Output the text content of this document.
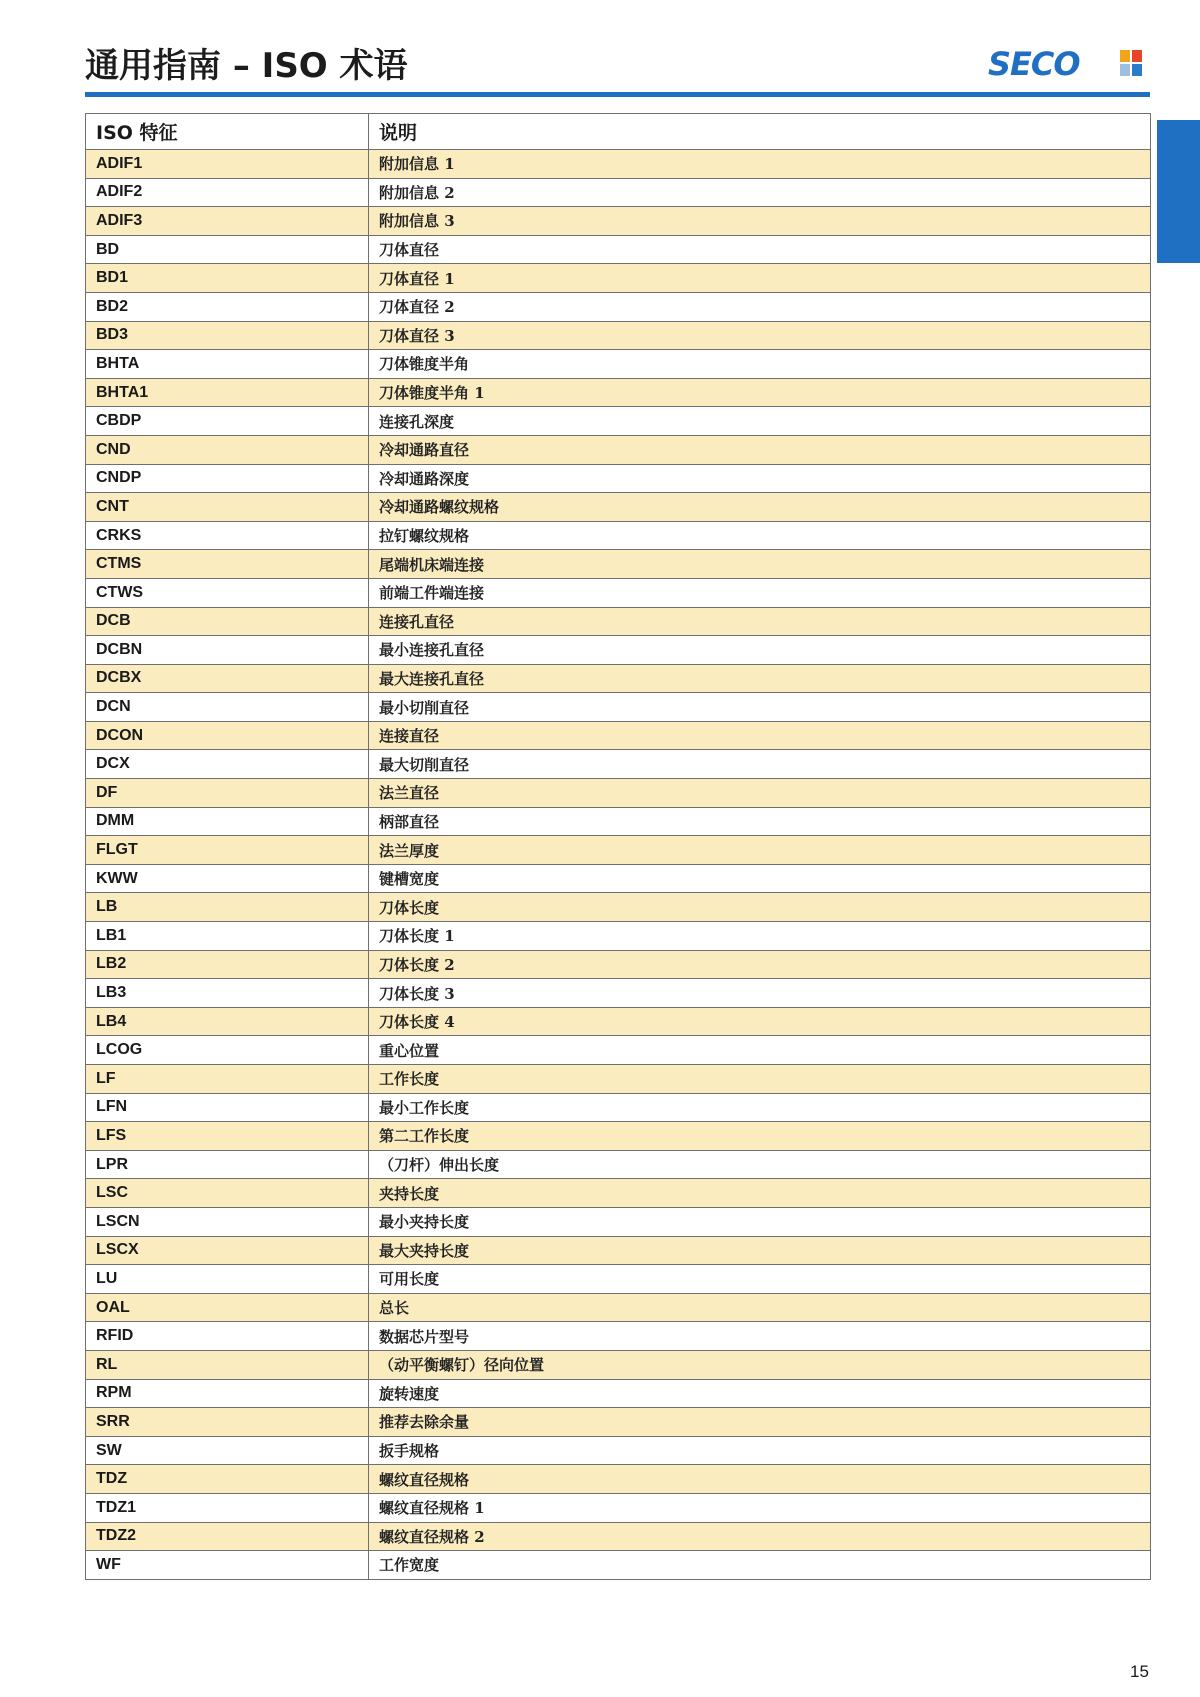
通用指南 – ISO 术语	SECO
ISO 特征	说明
ADIF1	附加信息 1
ADIF2	附加信息 2
ADIF3	附加信息 3
BD	刀体直径
BD1	刀体直径 1
BD2	刀体直径 2
BD3	刀体直径 3
BHTA	刀体锥度半角
BHTA1	刀体锥度半角 1
CBDP	连接孔深度
CND	冷却通路直径
CNDP	冷却通路深度
CNT	冷却通路螺纹规格
CRKS	拉钉螺纹规格
CTMS	尾端机床端连接
CTWS	前端工件端连接
DCB	连接孔直径
DCBN	最小连接孔直径
DCBX	最大连接孔直径
DCN	最小切削直径
DCON	连接直径
DCX	最大切削直径
DF	法兰直径
DMM	柄部直径
FLGT	法兰厚度
KWW	键槽宽度
LB	刀体长度
LB1	刀体长度 1
LB2	刀体长度 2
LB3	刀体长度 3
LB4	刀体长度 4
LCOG	重心位置
LF	工作长度
LFN	最小工作长度
LFS	第二工作长度
LPR	（刀杆）伸出长度
LSC	夹持长度
LSCN	最小夹持长度
LSCX	最大夹持长度
LU	可用长度
OAL	总长
RFID	数据芯片型号
RL	（动平衡螺钉）径向位置
RPM	旋转速度
SRR	推荐去除余量
SW	扳手规格
TDZ	螺纹直径规格
TDZ1	螺纹直径规格 1
TDZ2	螺纹直径规格 2
WF	工作宽度
15
